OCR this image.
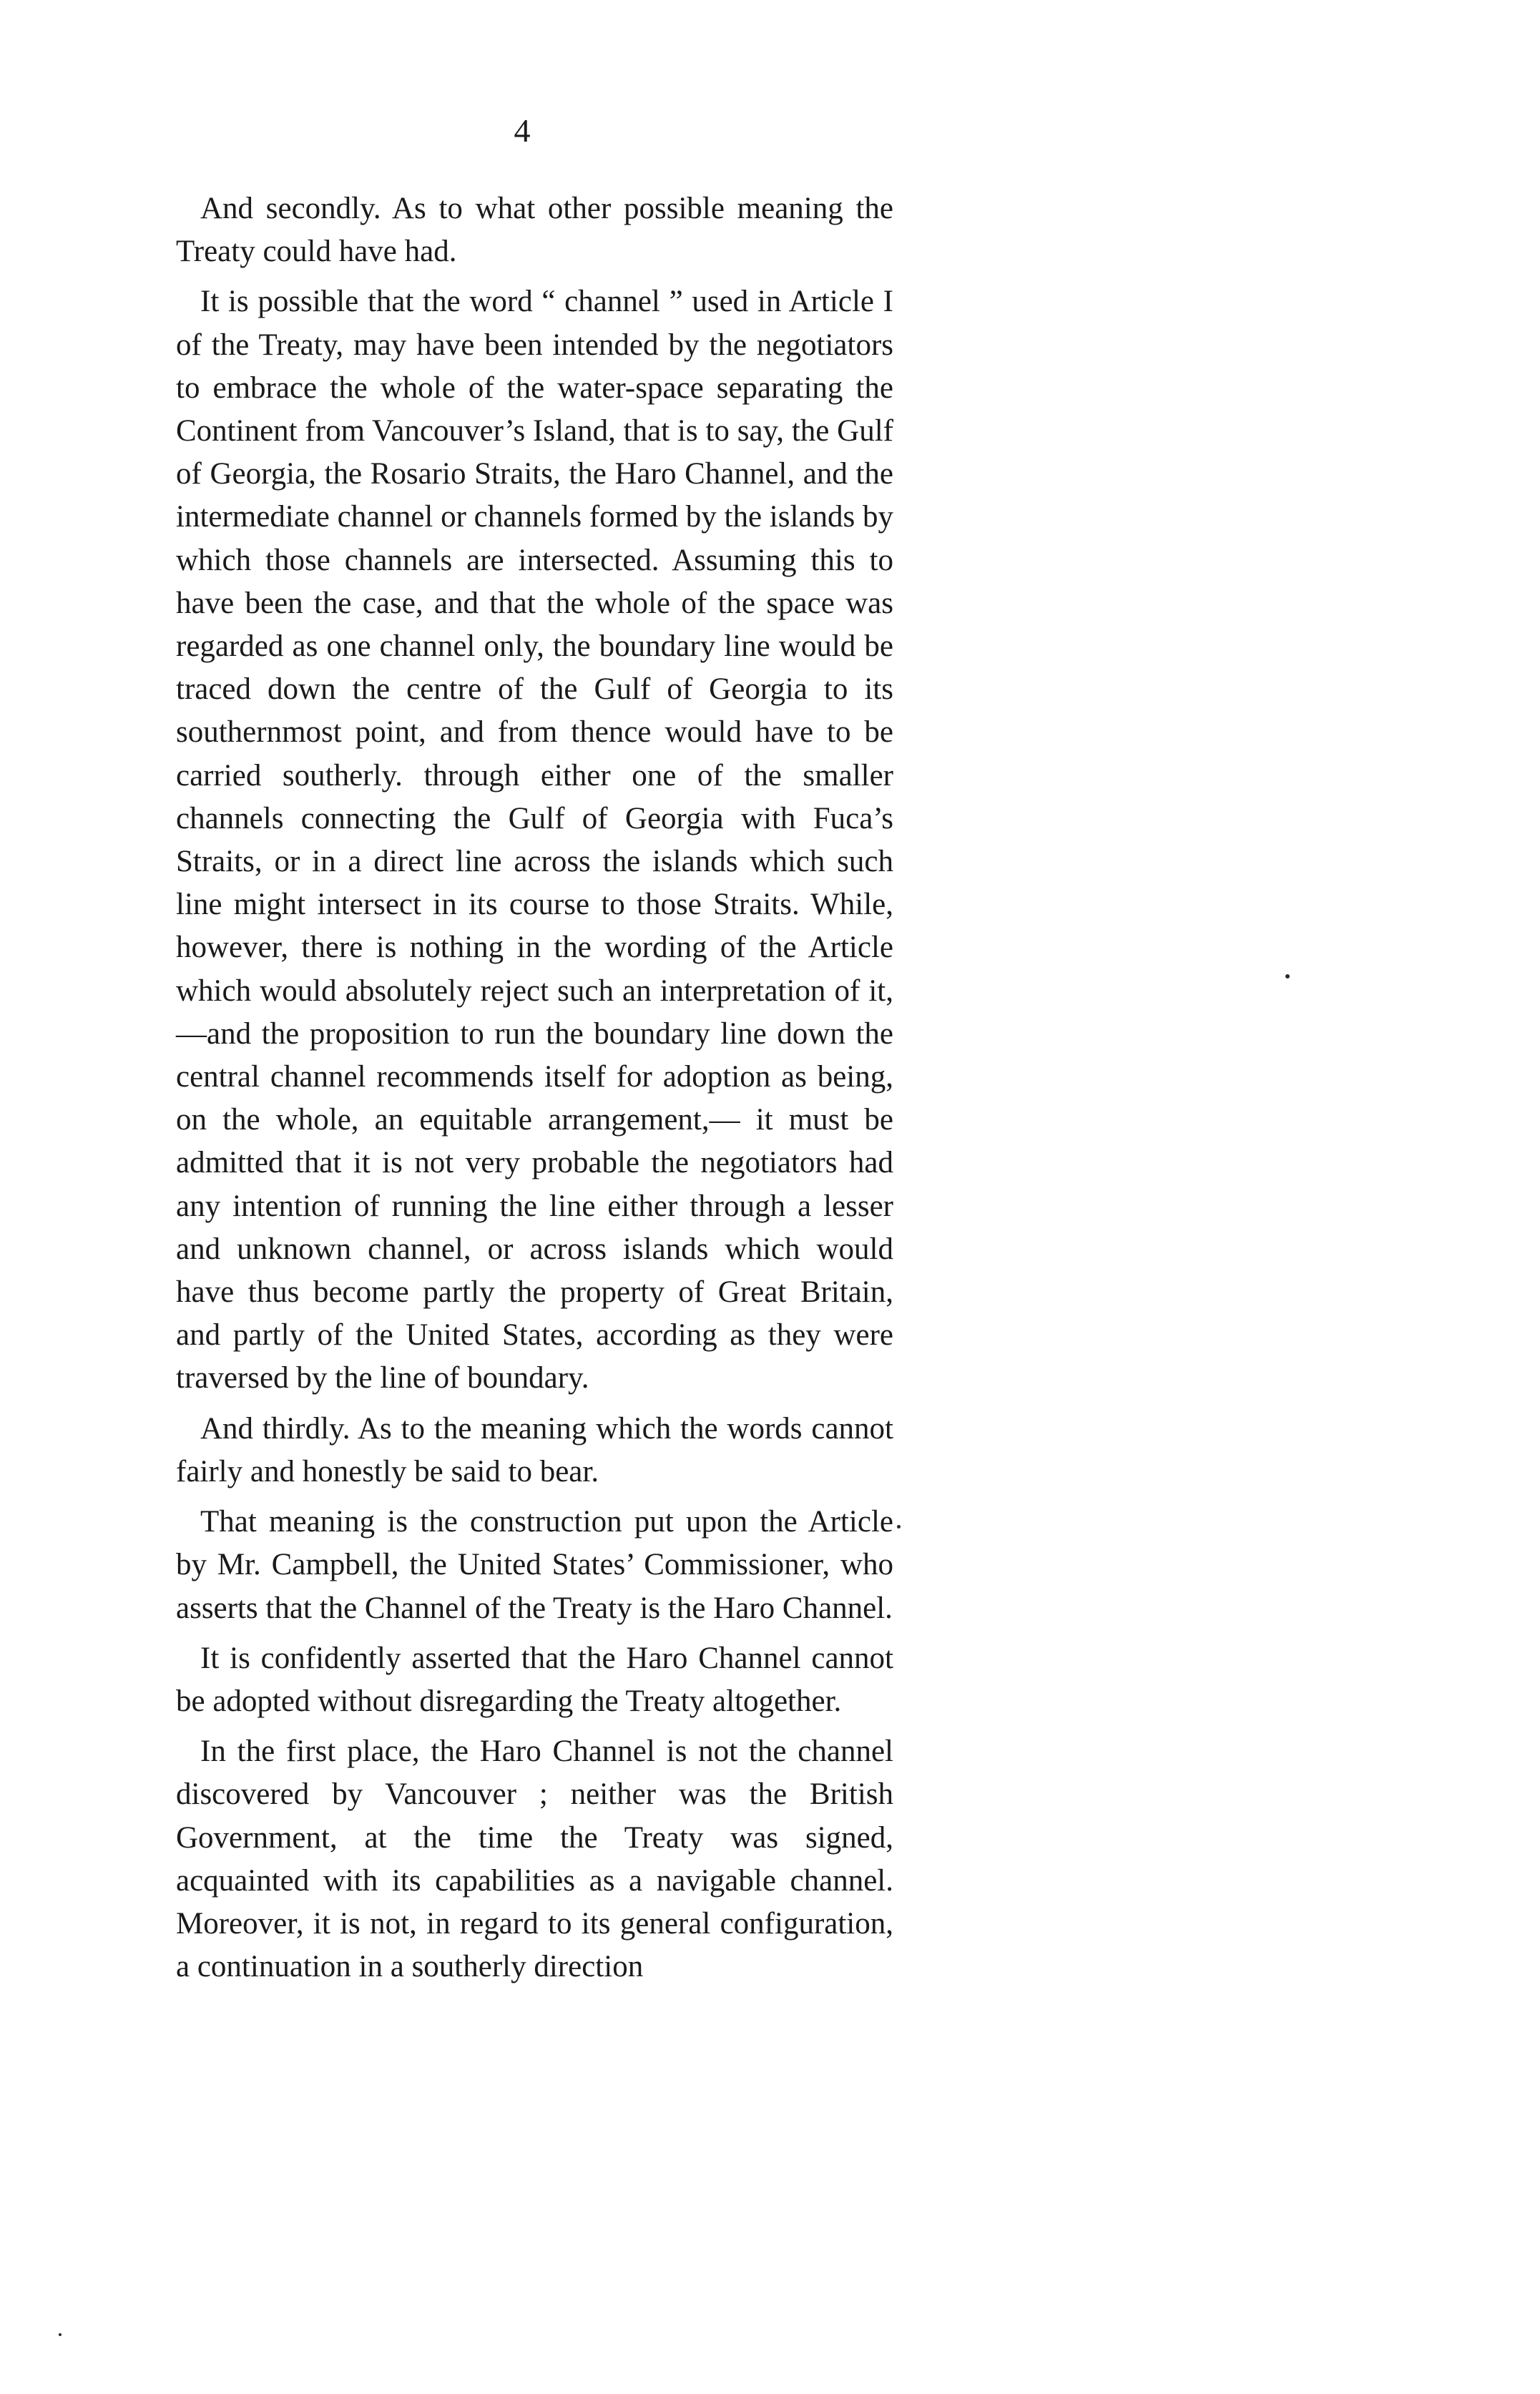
4

And secondly. As to what other possible meaning the Treaty could have had.

It is possible that the word “ channel ” used in Article I of the Treaty, may have been intended by the negotiators to embrace the whole of the water-space separating the Continent from Vancouver’s Island, that is to say, the Gulf of Georgia, the Rosario Straits, the Haro Channel, and the intermediate channel or channels formed by the islands by which those channels are intersected. Assuming this to have been the case, and that the whole of the space was regarded as one channel only, the boundary line would be traced down the centre of the Gulf of Georgia to its southernmost point, and from thence would have to be carried southerly. through either one of the smaller channels connecting the Gulf of Georgia with Fuca’s Straits, or in a direct line across the islands which such line might intersect in its course to those Straits. While, however, there is nothing in the wording of the Article which would absolutely reject such an interpretation of it,—and the proposition to run the boundary line down the central channel recommends itself for adoption as being, on the whole, an equitable arrangement,— it must be admitted that it is not very probable the negotiators had any intention of running the line either through a lesser and unknown channel, or across islands which would have thus become partly the property of Great Britain, and partly of the United States, according as they were traversed by the line of boundary.

And thirdly. As to the meaning which the words cannot fairly and honestly be said to bear.

That meaning is the construction put upon the Article by Mr. Campbell, the United States’ Commissioner, who asserts that the Channel of the Treaty is the Haro Channel.

It is confidently asserted that the Haro Channel cannot be adopted without disregarding the Treaty altogether.

In the first place, the Haro Channel is not the channel discovered by Vancouver ; neither was the British Government, at the time the Treaty was signed, acquainted with its capabilities as a navigable channel. Moreover, it is not, in regard to its general configuration, a continuation in a southerly direction
